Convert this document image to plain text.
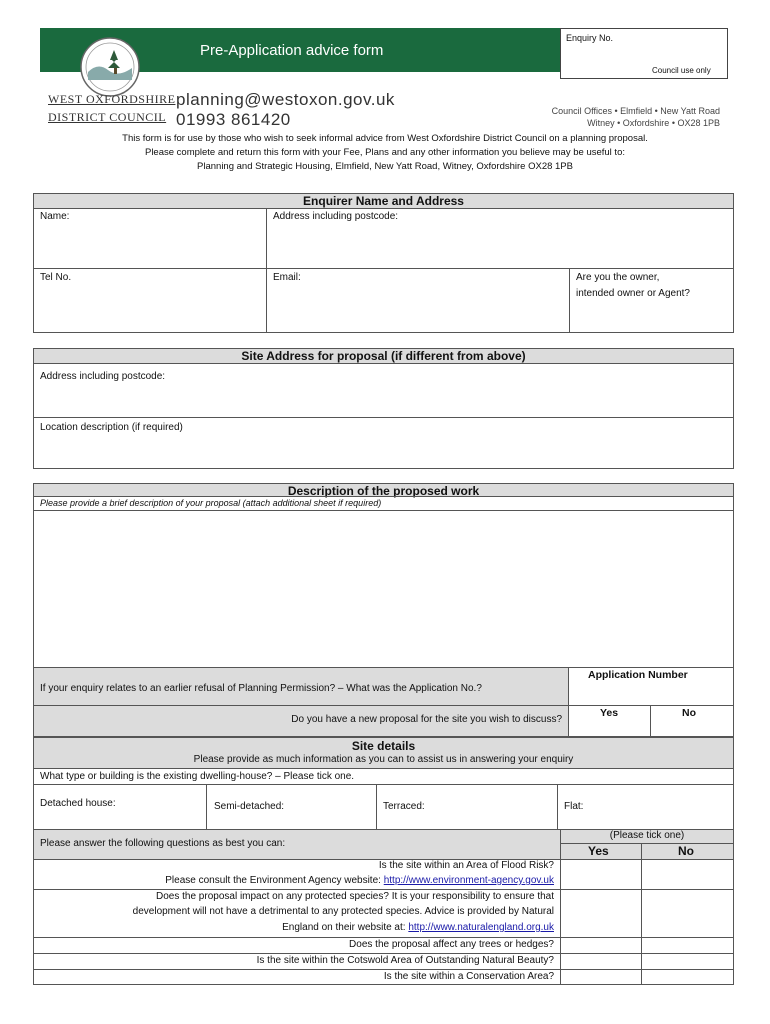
Pre-Application advice form
Enquiry No.
Council use only
WEST OXFORDSHIRE
DISTRICT COUNCIL
planning@westoxon.gov.uk
01993 861420	Council Offices • Elmfield • New Yatt Road
Witney • Oxfordshire • OX28 1PB
This form is for use by those who wish to seek informal advice from West Oxfordshire District Council on a planning proposal.
Please complete and return this form with your Fee, Plans and any other information you believe may be useful to:
Planning and Strategic Housing, Elmfield, New Yatt Road, Witney, Oxfordshire OX28 1PB
Enquirer Name and Address
Name:	Address including postcode:
Tel No.	Email:	Are you the owner,
intended owner or Agent?
Site Address for proposal (if different from above)
Address including postcode:
Location description (if required)
Description of the proposed work
Please provide a brief description of your proposal (attach additional sheet if required)
If your enquiry relates to an earlier refusal of Planning Permission? – What was the Application No.?
Application Number
Do you have a new proposal for the site you wish to discuss?
Yes	No
Site details
Please provide as much information as you can to assist us in answering your enquiry
What type or building is the existing dwelling-house? – Please tick one.
Detached house:	Semi-detached:	Terraced:	Flat:
Please answer the following questions as best you can:
(Please tick one)
Yes	No
Is the site within an Area of Flood Risk?
Please consult the Environment Agency website: http://www.environment-agency.gov.uk
Does the proposal impact on any protected species? It is your responsibility to ensure that
development will not have a detrimental to any protected species. Advice is provided by Natural
England on their website at: http://www.naturalengland.org.uk
Does the proposal affect any trees or hedges?
Is the site within the Cotswold Area of Outstanding Natural Beauty?
Is the site within a Conservation Area?
